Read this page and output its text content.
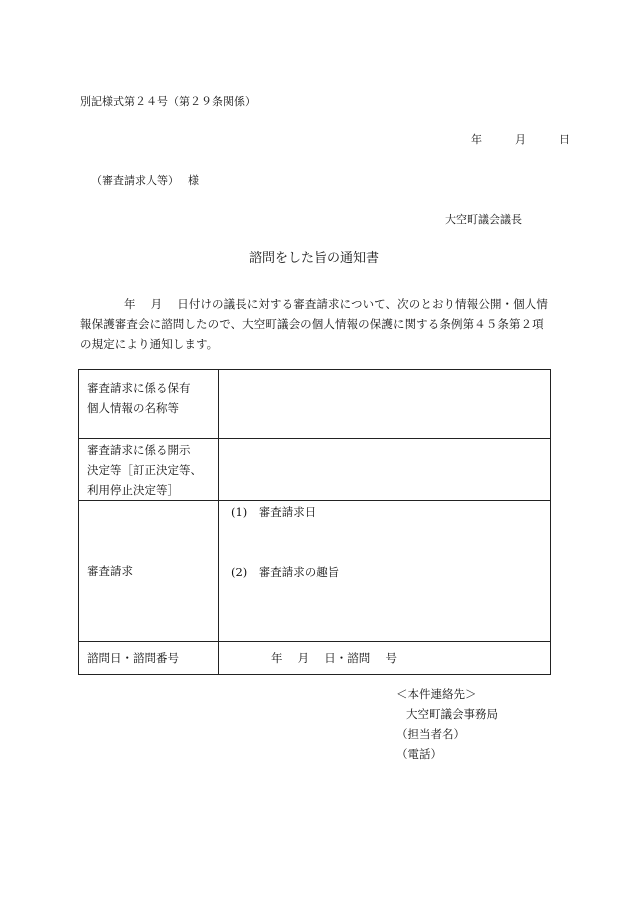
別記様式第２４号（第２９条関係）
年	月	日
（審査請求人等）　 様
大空町議会議長
諮問をした旨の通知書
年 月 日付けの議長に対する審査請求について、次のとおり情報公開・個人情報保護審査会に諮問したので、大空町議会の個人情報の保護に関する条例第４５条第２項の規定により通知します。
審査請求に係る保有
個人情報の名称等	

審査請求に係る開示
決定等［訂正決定等、
利用停止決定等］	

審査請求	(1)　審査請求日
(2)　審査請求の趣旨

諮問日・諮問番号	年　 月　 日・諮問　 号
＜本件連絡先＞
大空町議会事務局
（担当者名）
（電話）
